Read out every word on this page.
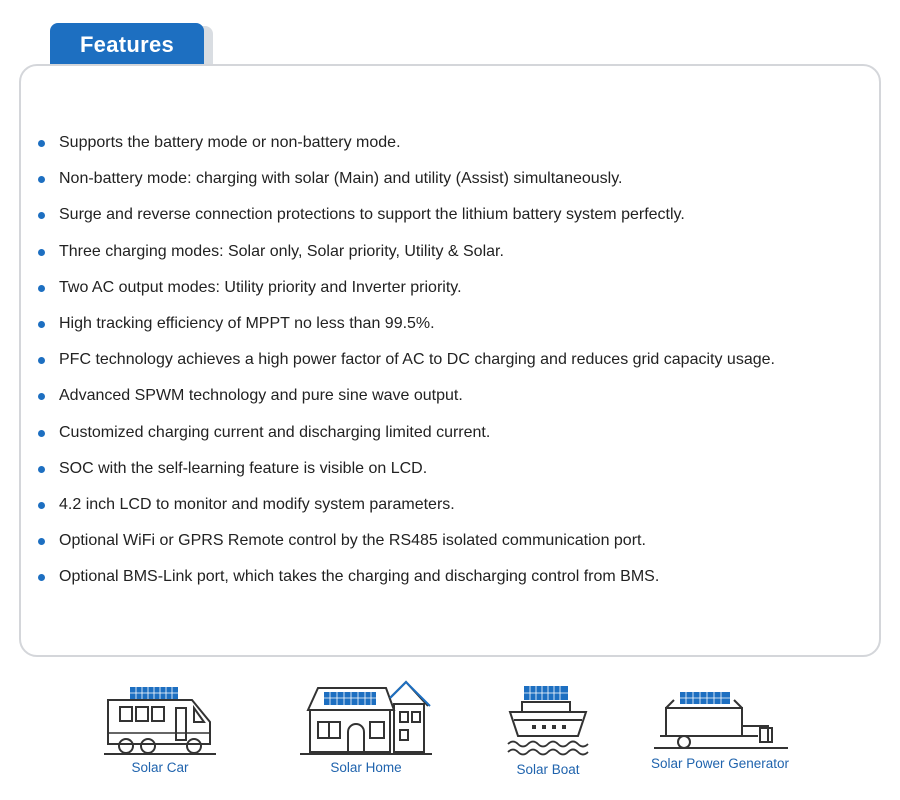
Features
Supports the battery mode or non-battery mode.
Non-battery mode: charging with solar (Main) and utility (Assist) simultaneously.
Surge and reverse connection protections to support the lithium battery system perfectly.
Three charging modes: Solar only, Solar priority, Utility & Solar.
Two AC output modes: Utility priority and Inverter priority.
High tracking efficiency of MPPT no less than 99.5%.
PFC technology achieves a high power factor of AC to DC charging and reduces grid capacity usage.
Advanced SPWM technology and pure sine wave output.
Customized charging current and discharging limited current.
SOC with the self-learning feature is visible on LCD.
4.2 inch LCD to monitor and modify system parameters.
Optional WiFi or GPRS Remote control by the RS485 isolated communication port.
Optional BMS-Link port, which takes the charging and discharging control from BMS.
Solar Car	Solar Home	Solar Boat	Solar Power Generator
